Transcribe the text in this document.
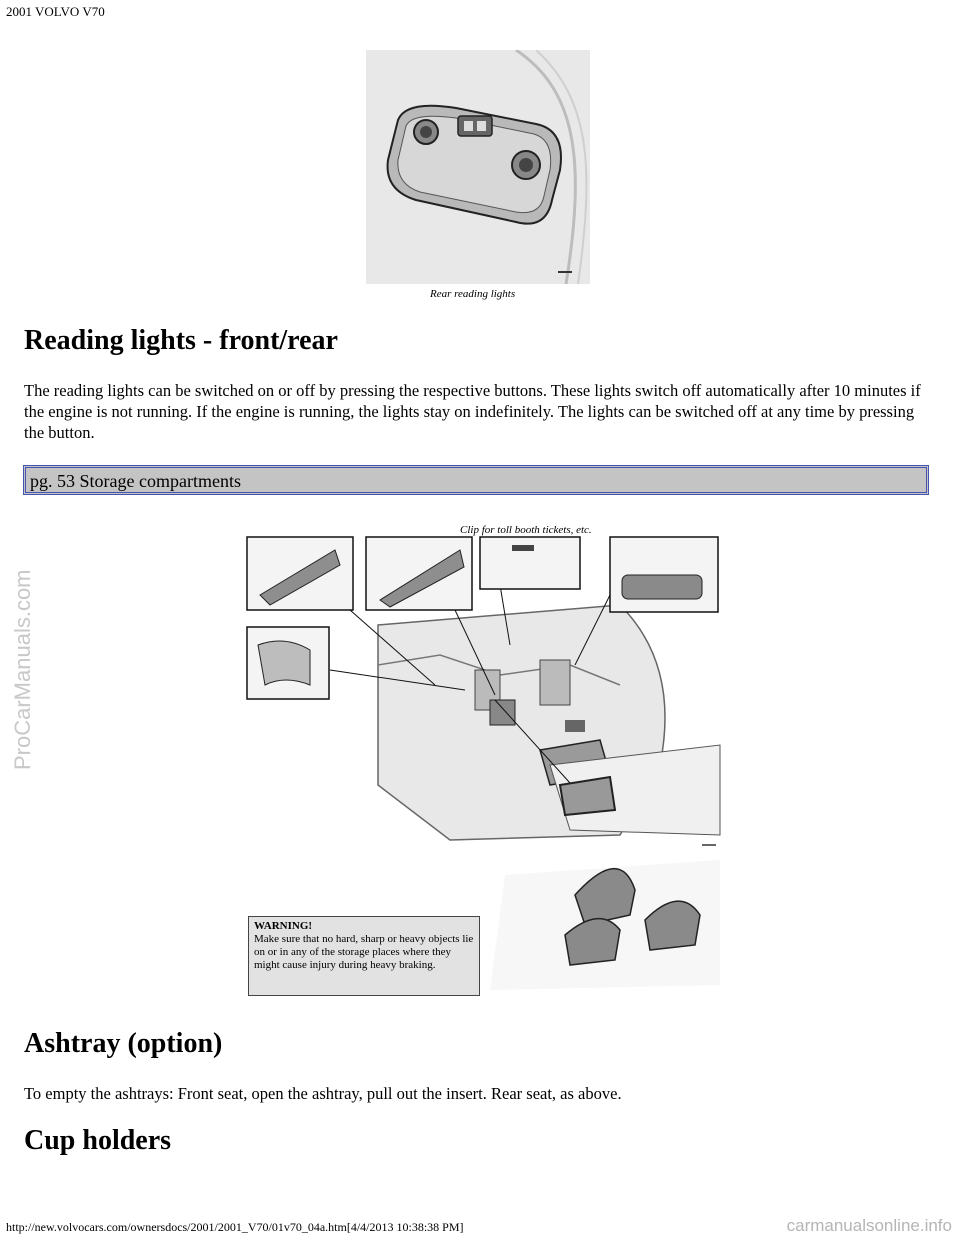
2001 VOLVO V70
ProCarManuals.com
Rear reading lights
Reading lights - front/rear

The reading lights can be switched on or off by pressing the respective buttons. These lights switch off automatically after 10 minutes if the engine is not running. If the engine is running, the lights stay on indefinitely. The lights can be switched off at any time by pressing the button.

pg. 53 Storage compartments
Clip for toll booth tickets, etc.
WARNING!
Make sure that no hard, sharp or heavy objects lie on or in any of the storage places where they might cause injury during heavy braking.
Ashtray (option)

To empty the ashtrays: Front seat, open the ashtray, pull out the insert. Rear seat, as above.

Cup holders
http://new.volvocars.com/ownersdocs/2001/2001_V70/01v70_04a.htm[4/4/2013 10:38:38 PM]	carmanualsonline.info
